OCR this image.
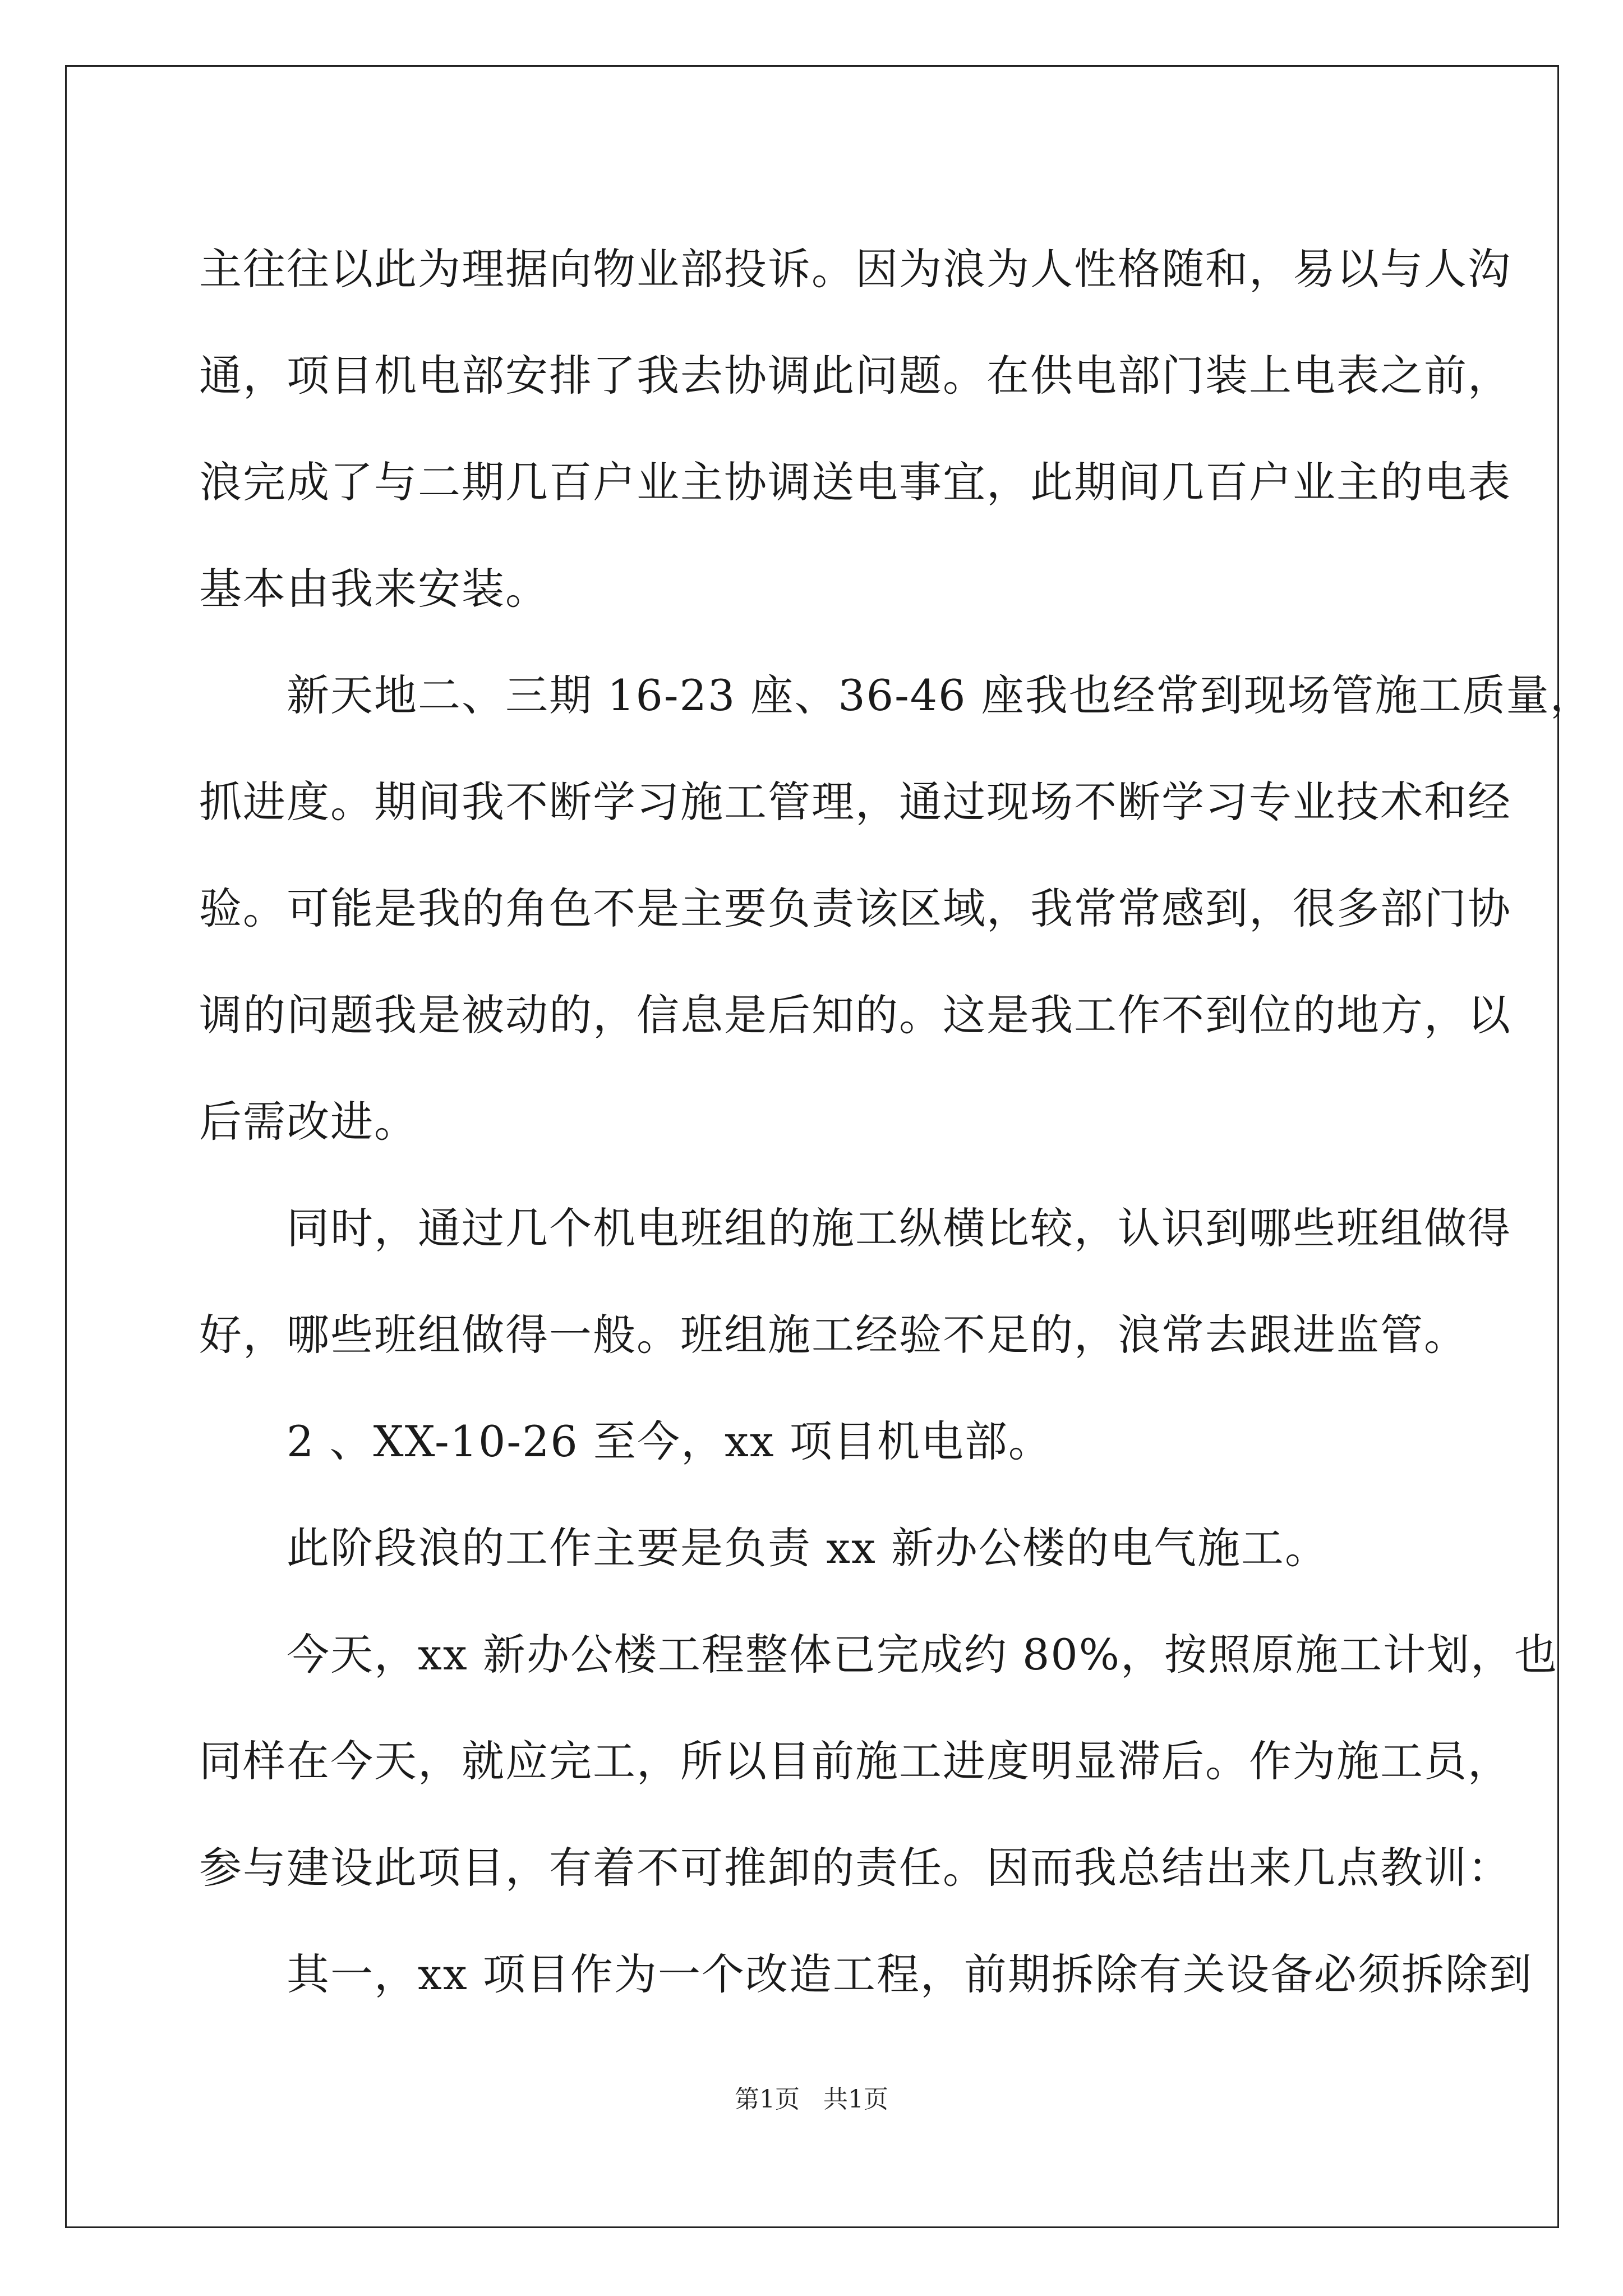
主往往以此为理据向物业部投诉。因为浪为人性格随和，易以与人沟
通，项目机电部安排了我去协调此问题。在供电部门装上电表之前，
浪完成了与二期几百户业主协调送电事宜，此期间几百户业主的电表
基本由我来安装。
　　新天地二、三期 16-23 座、36-46 座我也经常到现场管施工质量，
抓进度。期间我不断学习施工管理，通过现场不断学习专业技术和经
验。可能是我的角色不是主要负责该区域，我常常感到，很多部门协
调的问题我是被动的，信息是后知的。这是我工作不到位的地方，以
后需改进。
　　同时，通过几个机电班组的施工纵横比较，认识到哪些班组做得
好，哪些班组做得一般。班组施工经验不足的，浪常去跟进监管。
　　2 、XX-10-26 至今，xx 项目机电部。
　　此阶段浪的工作主要是负责 xx 新办公楼的电气施工。
　　今天，xx 新办公楼工程整体已完成约 80%，按照原施工计划，也
同样在今天，就应完工，所以目前施工进度明显滞后。作为施工员，
参与建设此项目，有着不可推卸的责任。因而我总结出来几点教训：
　　其一，xx 项目作为一个改造工程，前期拆除有关设备必须拆除到
第1页 共1页
